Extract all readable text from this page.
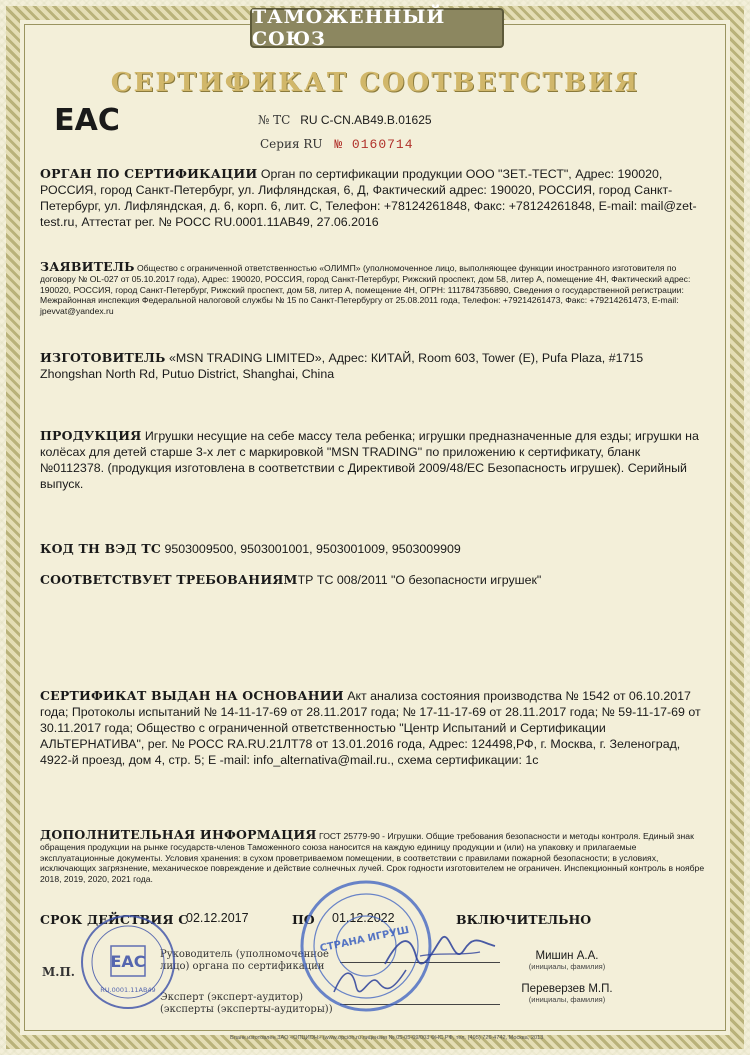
ТАМОЖЕННЫЙ СОЮЗ
СЕРТИФИКАТ СООТВЕТСТВИЯ
EAC	№ ТС RU C-CN.AB49.B.01625
Серия RU № 0160714
ОРГАН ПО СЕРТИФИКАЦИИ Орган по сертификации продукции ООО "ЗЕТ.-ТЕСТ", Адрес: 190020, РОССИЯ, город Санкт-Петербург, ул. Лифляндская, 6, Д, Фактический адрес: 190020, РОССИЯ, город Санкт-Петербург, ул. Лифляндская, д. 6, корп. 6, лит. С, Телефон: +78124261848, Факс: +78124261848, E-mail: mail@zet-test.ru, Аттестат рег. № РОСС RU.0001.11AB49, 27.06.2016
ЗАЯВИТЕЛЬ Общество с ограниченной ответственностью «ОЛИМП» (уполномоченное лицо, выполняющее функции иностранного изготовителя по договору № OL-027 от 05.10.2017 года), Адрес: 190020, РОССИЯ, город Санкт-Петербург, Рижский проспект, дом 58, литер А, помещение 4Н, Фактический адрес: 190020, РОССИЯ, город Санкт-Петербург, Рижский проспект, дом 58, литер А, помещение 4Н, ОГРН: 1117847356890, Сведения о государственной регистрации: Межрайонная инспекция Федеральной налоговой службы № 15 по Санкт-Петербургу от 25.08.2011 года, Телефон: +79214261473, Факс: +79214261473, E-mail: jpevvat@yandex.ru
ИЗГОТОВИТЕЛЬ «MSN TRADING LIMITED», Адрес: КИТАЙ, Room 603, Tower (E), Pufa Plaza, #1715 Zhongshan North Rd, Putuo District, Shanghai, China
ПРОДУКЦИЯ Игрушки несущие на себе массу тела ребенка; игрушки предназначенные для езды; игрушки на колёсах для детей старше 3-х лет с маркировкой "MSN TRADING" по приложению к сертификату, бланк №0112378. (продукция изготовлена в соответствии с Директивой 2009/48/ЕС Безопасность игрушек). Серийный выпуск.
КОД ТН ВЭД ТС 9503009500, 9503001001, 9503001009, 9503009909
СООТВЕТСТВУЕТ ТРЕБОВАНИЯМТР ТС 008/2011 "О безопасности игрушек"
СЕРТИФИКАТ ВЫДАН НА ОСНОВАНИИ Акт анализа состояния производства № 1542 от 06.10.2017 года; Протоколы испытаний № 14-11-17-69 от 28.11.2017 года; № 17-11-17-69 от 28.11.2017 года; № 59-11-17-69 от 30.11.2017 года; Общество с ограниченной ответственностью "Центр Испытаний и Сертификации АЛЬТЕРНАТИВА", рег. № РОСС RA.RU.21ЛТ78 от 13.01.2016 года, Адрес: 124498,РФ, г. Москва, г. Зеленоград, 4922-й проезд, дом 4, стр. 5; E -mail: info_alternativa@mail.ru., схема сертификации: 1с
ДОПОЛНИТЕЛЬНАЯ ИНФОРМАЦИЯ ГОСТ 25779-90 - Игрушки. Общие требования безопасности и методы контроля. Единый знак обращения продукции на рынке государств-членов Таможенного союза наносится на каждую единицу продукции и (или) на упаковку и прилагаемые эксплуатационные документы. Условия хранения: в сухом проветриваемом помещении, в соответствии с правилами пожарной безопасности; в условиях, исключающих загрязнение, механическое повреждение и действие солнечных лучей. Срок годности изготовителем не ограничен. Инспекционный контроль в ноябре 2018, 2019, 2020, 2021 года.
СРОК ДЕЙСТВИЯ С
02.12.2017	ПО 01.12.2022	ВКЛЮЧИТЕЛЬНО
М.П.
Руководитель (уполномоченное
лицо) органа по сертификации
Мишин А.А.
(инициалы, фамилия)
Эксперт (эксперт-аудитор)
(эксперты (эксперты-аудиторы))
Переверзев М.П.
(инициалы, фамилия)
EAC
RU.0001.11AB49
СТРАНА ИГРУШ
Бланк изготовлен ЗАО «ОПЦИОН» (www.opcion.ru лицензия № 05-05-09/003 ФНС РФ, тел. (495) 726 4742, Москва, 2013
